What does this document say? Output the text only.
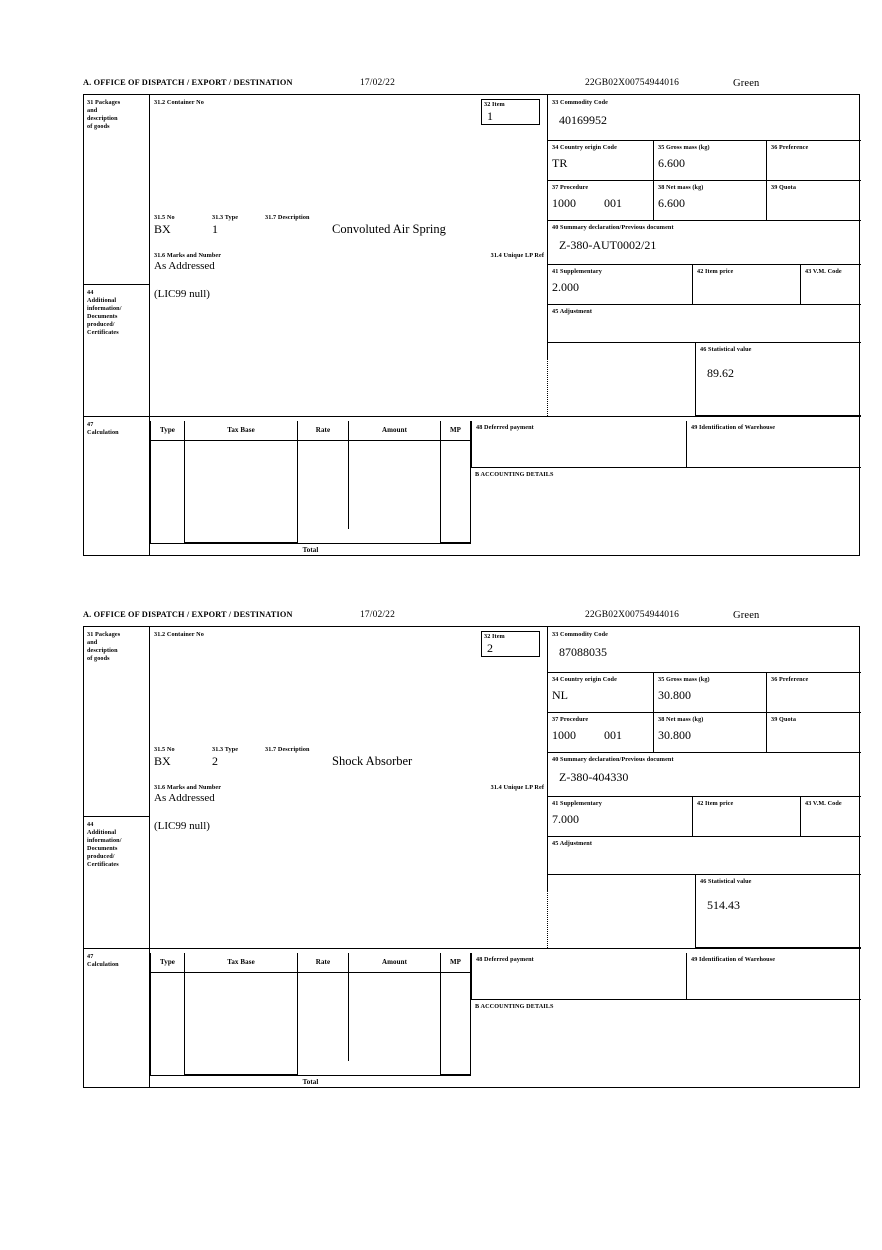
A. OFFICE OF DISPATCH / EXPORT / DESTINATION	17/02/22	22GB02X00754944016	Green
31 Packages
and
description
of goods
44
Additional
information/
Documents
produced/
Certificates
47
Calculation
31.2 Container No
31.5 No
BX
31.3 Type
1
31.7 Description
Convoluted Air Spring
31.6 Marks and Number
As Addressed
31.4 Unique LP Ref
32 Item
1
(LIC99 null)
33 Commodity Code
40169952
34 Country origin Code
TR
35 Gross mass (kg)
6.600
36 Preference
37 Procedure
1000 001
38 Net mass (kg)
6.600
39 Quota
40 Summary declaration/Previous document
Z-380-AUT0002/21
41 Supplementary
2.000
42 Item price	43 V.M. Code
45 Adjustment
46 Statistical value
89.62
Type	Tax Base	Rate	Amount	MP
Total
48 Deferred payment	49 Identification of Warehouse
B ACCOUNTING DETAILS
A. OFFICE OF DISPATCH / EXPORT / DESTINATION	17/02/22	22GB02X00754944016	Green
31 Packages
and
description
of goods
44
Additional
information/
Documents
produced/
Certificates
47
Calculation
31.2 Container No
31.5 No
BX
31.3 Type
2
31.7 Description
Shock Absorber
31.6 Marks and Number
As Addressed
31.4 Unique LP Ref
32 Item
2
(LIC99 null)
33 Commodity Code
87088035
34 Country origin Code
NL
35 Gross mass (kg)
30.800
36 Preference
37 Procedure
1000 001
38 Net mass (kg)
30.800
39 Quota
40 Summary declaration/Previous document
Z-380-404330
41 Supplementary
7.000
42 Item price	43 V.M. Code
45 Adjustment
46 Statistical value
514.43
Type	Tax Base	Rate	Amount	MP
Total
48 Deferred payment	49 Identification of Warehouse
B ACCOUNTING DETAILS
